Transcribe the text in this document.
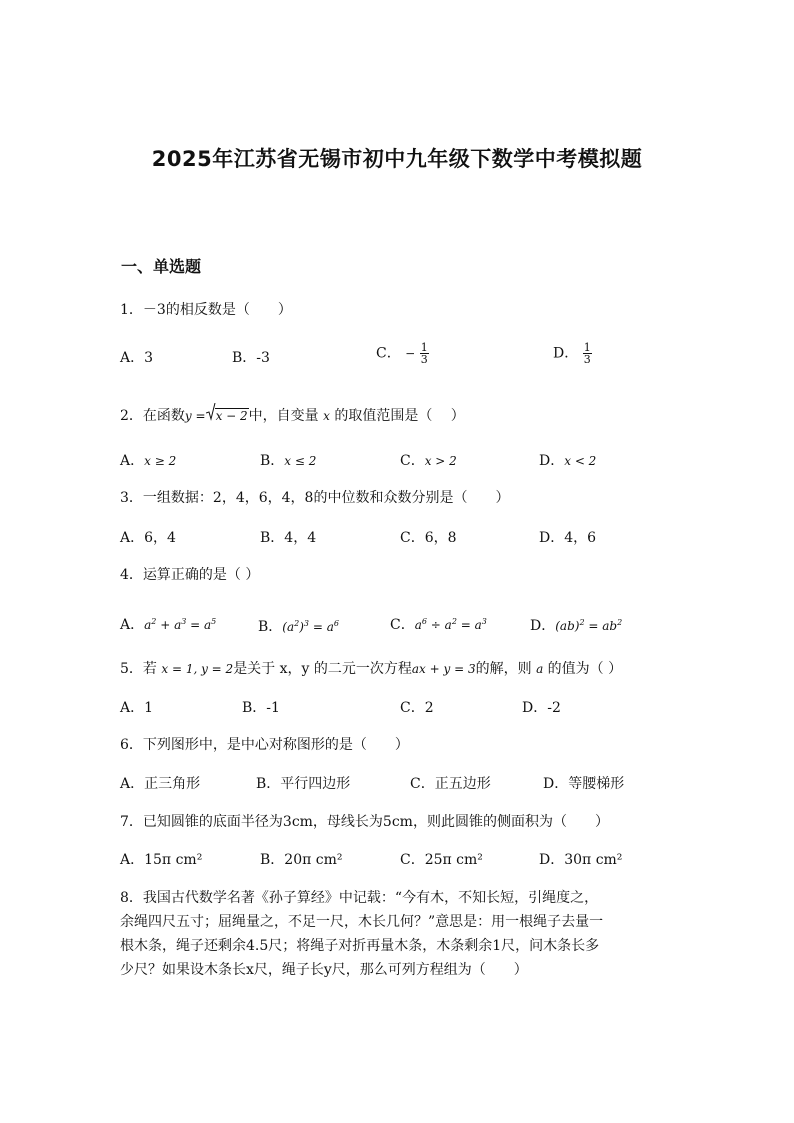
2025年江苏省无锡市初中九年级下数学中考模拟题
一、单选题
1．－3的相反数是（　　）
A．3	B．-3	C． − $\frac{1}{3}$	D． $\frac{1}{3}$
2．在函数y = x − 2中，自变量 x 的取值范围是（　 ）
A．x ≥ 2	B．x ≤ 2	C．x > 2	D．x < 2
3．一组数据：2，4，6，4，8的中位数和众数分别是（　　）
A．6，4	B．4，4	C．6，8	D．4，6
4．运算正确的是（ ）
A．$a^2 + a^3 = a^5$	B．$(a^2)^3 = a^6$	C．$a^6 \div a^2 = a^3$	D．$(ab)^2 = ab^2$
5．若 x = 1, y = 2是关于 x，y 的二元一次方程ax + y = 3的解，则 a 的值为（ ）
A．1	B．-1	C．2	D．-2
6．下列图形中，是中心对称图形的是（　　）
A．正三角形	B．平行四边形	C．正五边形	D．等腰梯形
7．已知圆锥的底面半径为3cm，母线长为5cm，则此圆锥的侧面积为（　　）
A．15π cm²	B．20π cm²	C．25π cm²	D．30π cm²
8．我国古代数学名著《孙子算经》中记载：“今有木，不知长短，引绳度之，
余绳四尺五寸；屈绳量之，不足一尺，木长几何？”意思是：用一根绳子去量一
根木条，绳子还剩余4.5尺；将绳子对折再量木条，木条剩余1尺，问木条长多
少尺？如果设木条长x尺，绳子长y尺，那么可列方程组为（　　）
